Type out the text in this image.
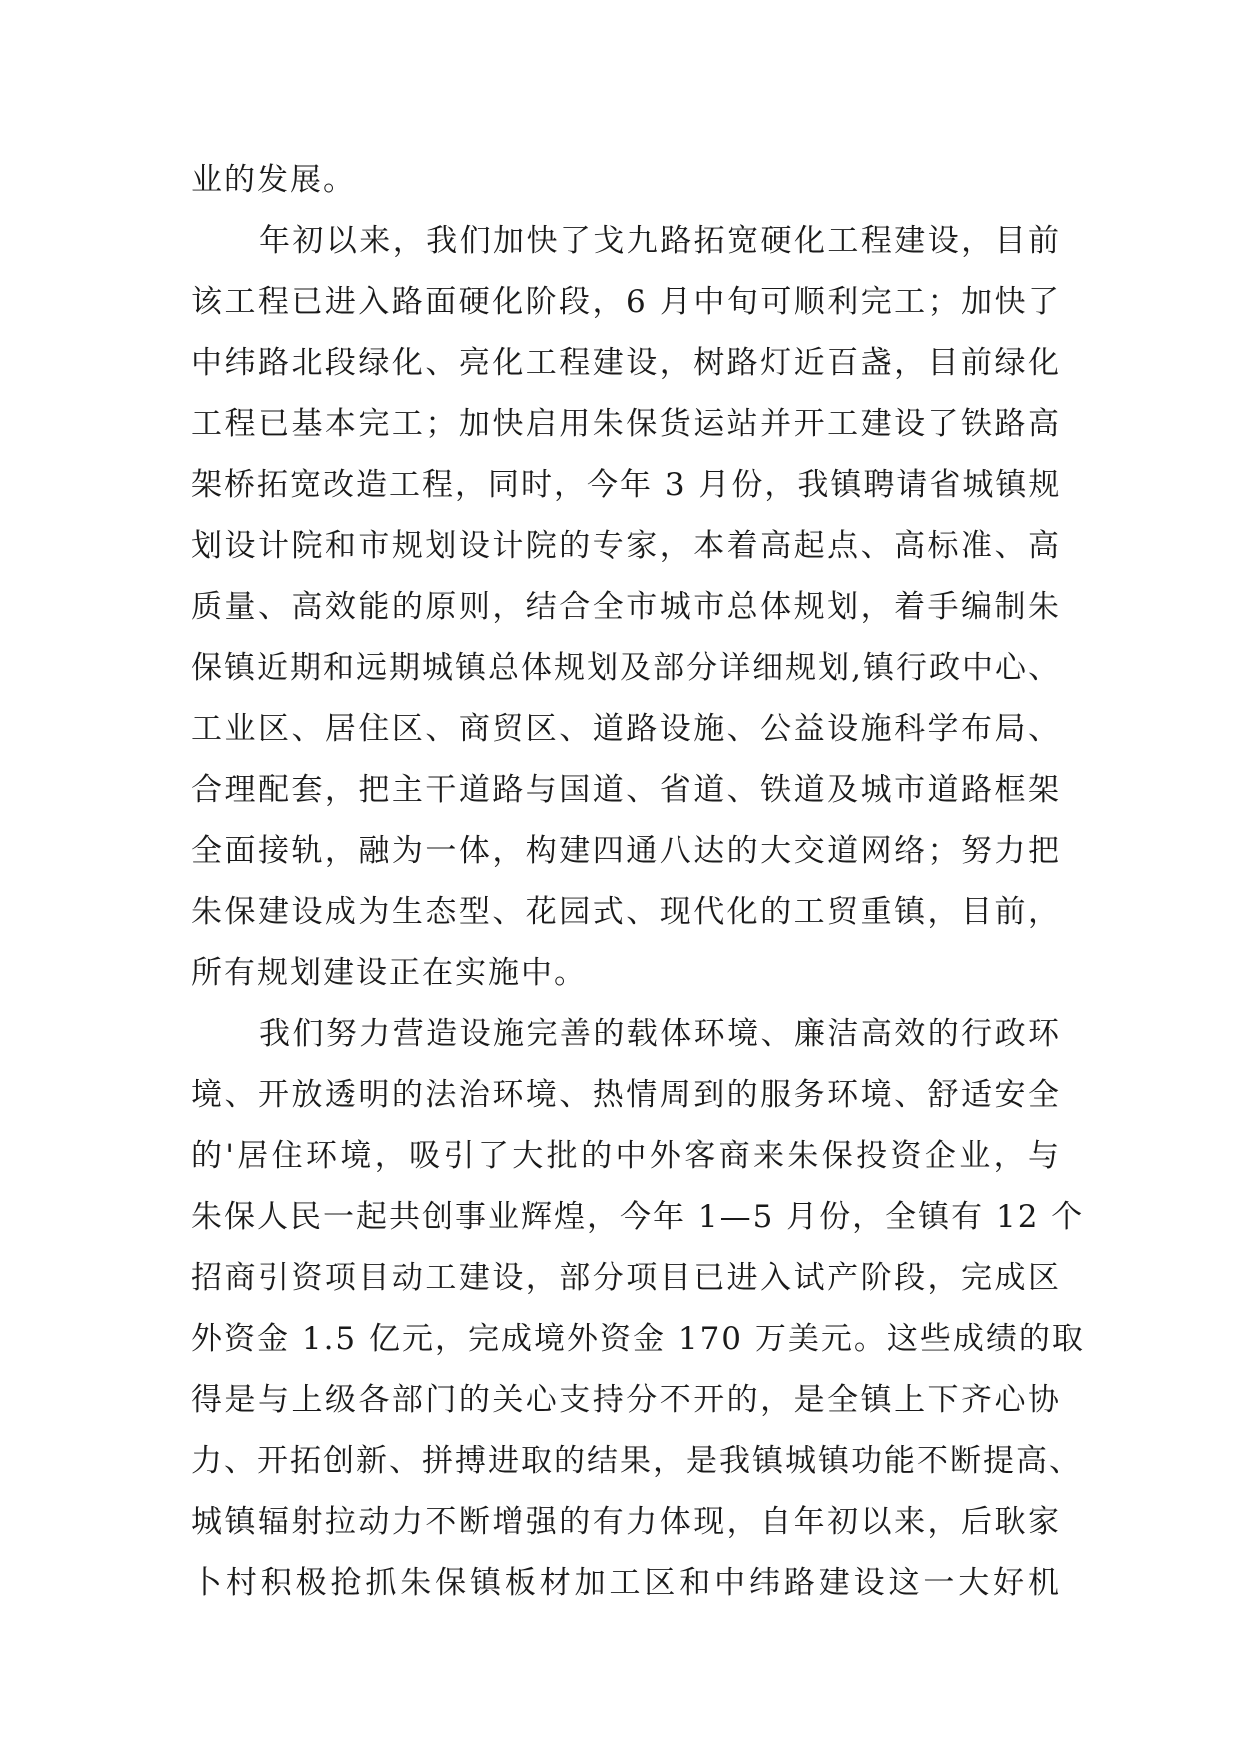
业的发展。

年初以来，我们加快了戈九路拓宽硬化工程建设，目前
该工程已进入路面硬化阶段，6 月中旬可顺利完工；加快了
中纬路北段绿化、亮化工程建设，树路灯近百盏，目前绿化
工程已基本完工；加快启用朱保货运站并开工建设了铁路高
架桥拓宽改造工程，同时，今年 3 月份，我镇聘请省城镇规
划设计院和市规划设计院的专家，本着高起点、高标准、高
质量、高效能的原则，结合全市城市总体规划，着手编制朱
保镇近期和远期城镇总体规划及部分详细规划,镇行政中心、
工业区、居住区、商贸区、道路设施、公益设施科学布局、
合理配套，把主干道路与国道、省道、铁道及城市道路框架
全面接轨，融为一体，构建四通八达的大交道网络；努力把
朱保建设成为生态型、花园式、现代化的工贸重镇，目前，
所有规划建设正在实施中。

我们努力营造设施完善的载体环境、廉洁高效的行政环
境、开放透明的法治环境、热情周到的服务环境、舒适安全
的'居住环境，吸引了大批的中外客商来朱保投资企业，与
朱保人民一起共创事业辉煌，今年 1—5 月份，全镇有 12 个
招商引资项目动工建设，部分项目已进入试产阶段，完成区
外资金 1.5 亿元，完成境外资金 170 万美元。这些成绩的取
得是与上级各部门的关心支持分不开的，是全镇上下齐心协
力、开拓创新、拼搏进取的结果，是我镇城镇功能不断提高、
城镇辐射拉动力不断增强的有力体现，自年初以来，后耿家
卜村积极抢抓朱保镇板材加工区和中纬路建设这一大好机
